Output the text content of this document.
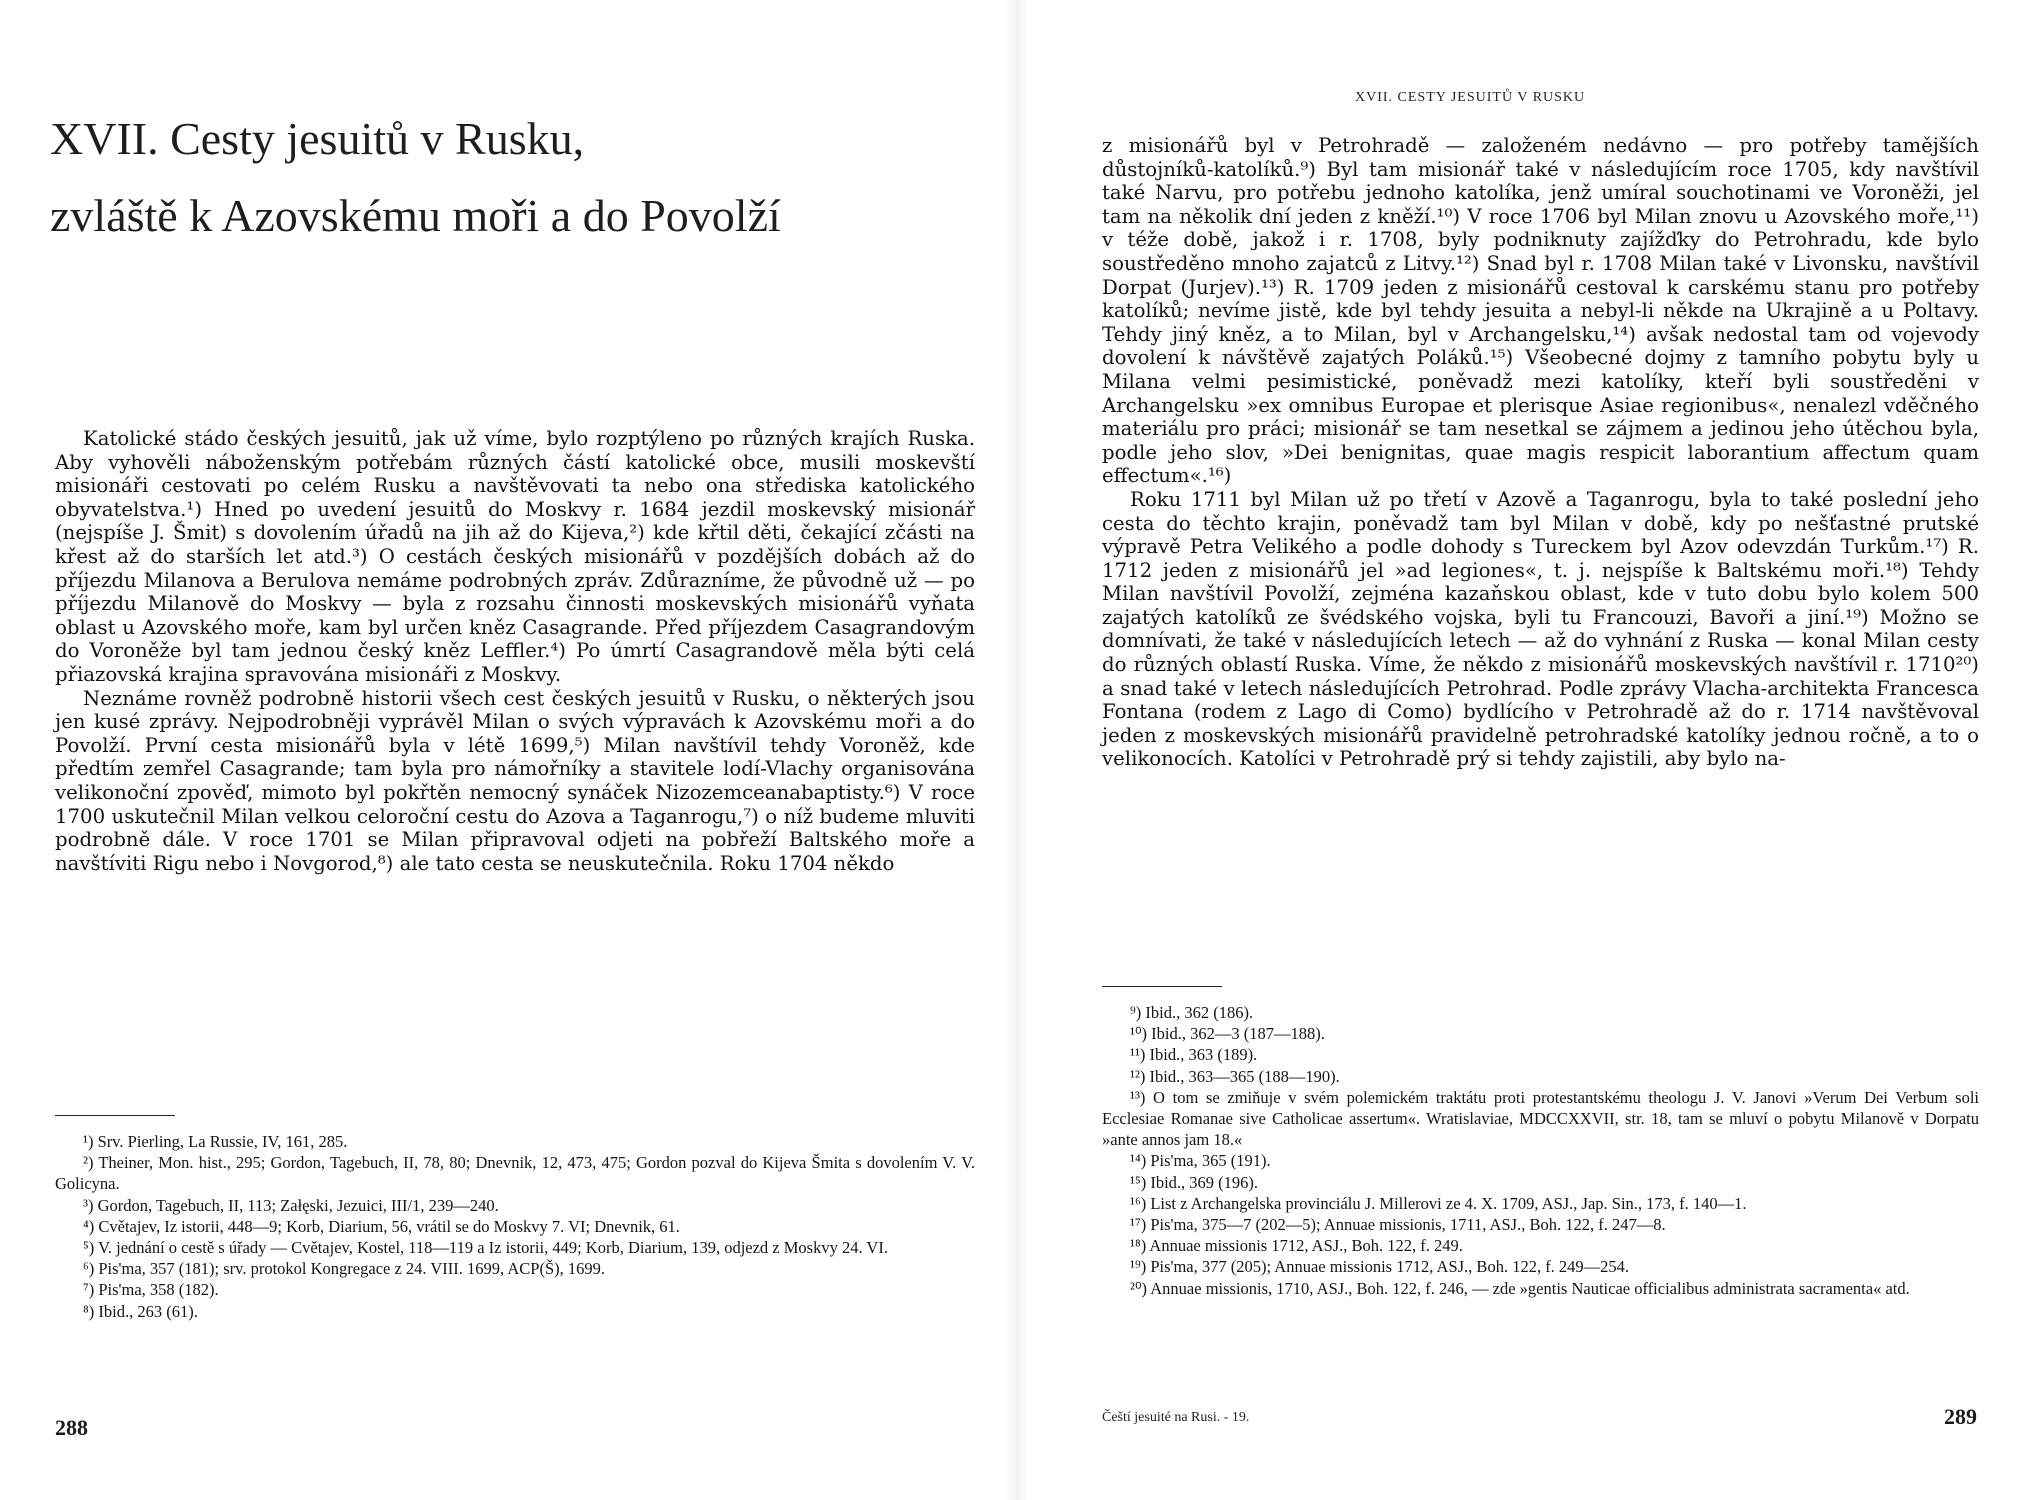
XVII. Cesty jesuitů v Rusku,
zvláště k Azovskému moři a do Povolží

Katolické stádo českých jesuitů, jak už víme, bylo rozptýleno po různých krajích Ruska. Aby vyhověli náboženským potřebám různých částí katolické obce, musili moskevští misionáři cestovati po celém Rusku a navštěvovati ta nebo ona střediska katolického obyvatelstva.¹) Hned po uvedení jesuitů do Moskvy r. 1684 jezdil moskevský misionář (nejspíše J. Šmit) s dovolením úřadů na jih až do Kijeva,²) kde křtil děti, čekající zčásti na křest až do starších let atd.³) O cestách českých misionářů v pozdějších dobách až do příjezdu Milanova a Berulova nemáme podrobných zpráv. Zdůrazníme, že původně už — po příjezdu Milanově do Moskvy — byla z rozsahu činnosti moskevských misionářů vyňata oblast u Azovského moře, kam byl určen kněz Casagrande. Před příjezdem Casagrandovým do Voroněže byl tam jednou český kněz Leffler.⁴) Po úmrtí Casagrandově měla býti celá přiazovská krajina spravována misionáři z Moskvy.

Neznáme rovněž podrobně historii všech cest českých jesuitů v Rusku, o některých jsou jen kusé zprávy. Nejpodrobněji vyprávěl Milan o svých výpravách k Azovskému moři a do Povolží. První cesta misionářů byla v létě 1699,⁵) Milan navštívil tehdy Voroněž, kde předtím zemřel Casagrande; tam byla pro námořníky a stavitele lodí-Vlachy organisována velikonoční zpověď, mimoto byl pokřtěn nemocný synáček Nizozemceanabaptisty.⁶) V roce 1700 uskutečnil Milan velkou celoroční cestu do Azova a Taganrogu,⁷) o níž budeme mluviti podrobně dále. V roce 1701 se Milan připravoval odjeti na pobřeží Baltského moře a navštíviti Rigu nebo i Novgorod,⁸) ale tato cesta se neuskutečnila. Roku 1704 někdo

¹) Srv. Pierling, La Russie, IV, 161, 285.
²) Theiner, Mon. hist., 295; Gordon, Tagebuch, II, 78, 80; Dnevnik, 12, 473, 475; Gordon pozval do Kijeva Šmita s dovolením V. V. Golicyna.
³) Gordon, Tagebuch, II, 113; Załęski, Jezuici, III/1, 239—240.
⁴) Cvětajev, Iz istorii, 448—9; Korb, Diarium, 56, vrátil se do Moskvy 7. VI; Dnevnik, 61.
⁵) V. jednání o cestě s úřady — Cvětajev, Kostel, 118—119 a Iz istorii, 449; Korb, Diarium, 139, odjezd z Moskvy 24. VI.
⁶) Pis'ma, 357 (181); srv. protokol Kongregace z 24. VIII. 1699, ACP(Š), 1699.
⁷) Pis'ma, 358 (182).
⁸) Ibid., 263 (61).

288

XVII. CESTY JESUITŮ V RUSKU

z misionářů byl v Petrohradě — založeném nedávno — pro potřeby tamějších důstojníků-katolíků.⁹) Byl tam misionář také v následujícím roce 1705, kdy navštívil také Narvu, pro potřebu jednoho katolíka, jenž umíral souchotinami ve Voroněži, jel tam na několik dní jeden z kněží.¹⁰) V roce 1706 byl Milan znovu u Azovského moře,¹¹) v téže době, jakož i r. 1708, byly podniknuty zajížďky do Petrohradu, kde bylo soustředěno mnoho zajatců z Litvy.¹²) Snad byl r. 1708 Milan také v Livonsku, navštívil Dorpat (Jurjev).¹³) R. 1709 jeden z misionářů cestoval k carskému stanu pro potřeby katolíků; nevíme jistě, kde byl tehdy jesuita a nebyl-li někde na Ukrajině a u Poltavy. Tehdy jiný kněz, a to Milan, byl v Archangelsku,¹⁴) avšak nedostal tam od vojevody dovolení k návštěvě zajatých Poláků.¹⁵) Všeobecné dojmy z tamního pobytu byly u Milana velmi pesimistické, poněvadž mezi katolíky, kteří byli soustředěni v Archangelsku »ex omnibus Europae et plerisque Asiae regionibus«, nenalezl vděčného materiálu pro práci; misionář se tam nesetkal se zájmem a jedinou jeho útěchou byla, podle jeho slov, »Dei benignitas, quae magis respicit laborantium affectum quam effectum«.¹⁶)

Roku 1711 byl Milan už po třetí v Azově a Taganrogu, byla to také poslední jeho cesta do těchto krajin, poněvadž tam byl Milan v době, kdy po nešťastné prutské výpravě Petra Velikého a podle dohody s Tureckem byl Azov odevzdán Turkům.¹⁷) R. 1712 jeden z misionářů jel »ad legiones«, t. j. nejspíše k Baltskému moři.¹⁸) Tehdy Milan navštívil Povolží, zejména kazaňskou oblast, kde v tuto dobu bylo kolem 500 zajatých katolíků ze švédského vojska, byli tu Francouzi, Bavoři a jiní.¹⁹) Možno se domnívati, že také v následujících letech — až do vyhnání z Ruska — konal Milan cesty do různých oblastí Ruska. Víme, že někdo z misionářů moskevských navštívil r. 1710²⁰) a snad také v letech následujících Petrohrad. Podle zprávy Vlacha-architekta Francesca Fontana (rodem z Lago di Como) bydlícího v Petrohradě až do r. 1714 navštěvoval jeden z moskevských misionářů pravidelně petrohradské katolíky jednou ročně, a to o velikonocích. Katolíci v Petrohradě prý si tehdy zajistili, aby bylo na-

⁹) Ibid., 362 (186).
¹⁰) Ibid., 362—3 (187—188).
¹¹) Ibid., 363 (189).
¹²) Ibid., 363—365 (188—190).
¹³) O tom se zmiňuje v svém polemickém traktátu proti protestantskému theologu J. V. Janovi »Verum Dei Verbum soli Ecclesiae Romanae sive Catholicae assertum«. Wratislaviae, MDCCXXVII, str. 18, tam se mluví o pobytu Milanově v Dorpatu »ante annos jam 18.«
¹⁴) Pis'ma, 365 (191).
¹⁵) Ibid., 369 (196).
¹⁶) List z Archangelska provinciálu J. Millerovi ze 4. X. 1709, ASJ., Jap. Sin., 173, f. 140—1.
¹⁷) Pis'ma, 375—7 (202—5); Annuae missionis, 1711, ASJ., Boh. 122, f. 247—8.
¹⁸) Annuae missionis 1712, ASJ., Boh. 122, f. 249.
¹⁹) Pis'ma, 377 (205); Annuae missionis 1712, ASJ., Boh. 122, f. 249—254.
²⁰) Annuae missionis, 1710, ASJ., Boh. 122, f. 246, — zde »gentis Nauticae officialibus administrata sacramenta« atd.

Čeští jesuité na Rusi. - 19.	289
